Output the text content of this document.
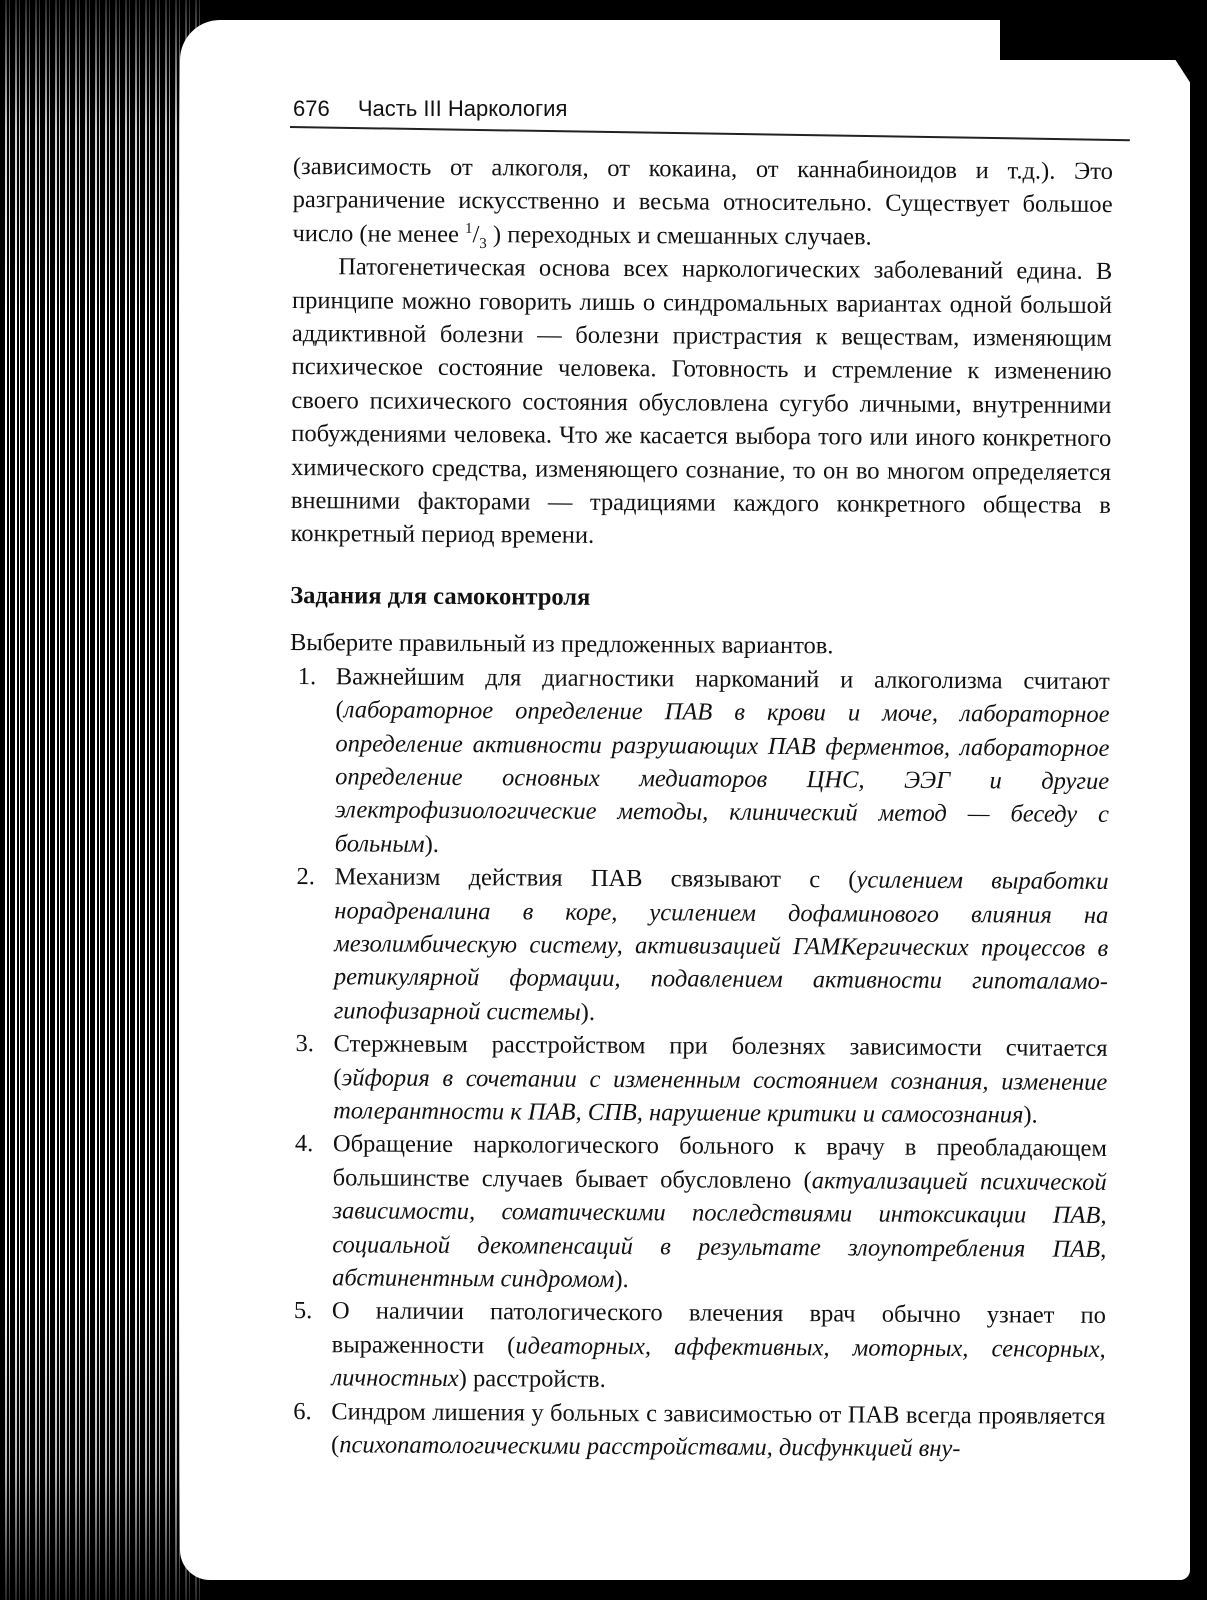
676 Часть III Наркология

(зависимость от алкоголя, от кокаина, от каннабиноидов и т.д.). Это разграничение искусственно и весьма относительно. Существует большое число (не менее $^1/_3$ ) переходных и смешанных случаев.

Патогенетическая основа всех наркологических заболеваний едина. В принципе можно говорить лишь о синдромальных вариантах одной большой аддиктивной болезни — болезни пристрастия к веществам, изменяющим психическое состояние человека. Готовность и стремление к изменению своего психического состояния обусловлена сугубо личными, внутренними побуждениями человека. Что же касается выбора того или иного конкретного химического средства, изменяющего сознание, то он во многом определяется внешними факторами — традициями каждого конкретного общества в конкретный период времени.

Задания для самоконтроля

Выберите правильный из предложенных вариантов.

1. Важнейшим для диагностики наркоманий и алкоголизма считают (лабораторное определение ПАВ в крови и моче, лабораторное определение активности разрушающих ПАВ ферментов, лабораторное определение основных медиаторов ЦНС, ЭЭГ и другие электрофизиологические методы, клинический метод — беседу с больным).
2. Механизм действия ПАВ связывают с (усилением выработки норадреналина в коре, усилением дофаминового влияния на мезолимбическую систему, активизацией ГАМКергических процессов в ретикулярной формации, подавлением активности гипоталамо-гипофизарной системы).
3. Стержневым расстройством при болезнях зависимости считается (эйфория в сочетании с измененным состоянием сознания, изменение толерантности к ПАВ, СПВ, нарушение критики и самосознания).
4. Обращение наркологического больного к врачу в преобладающем большинстве случаев бывает обусловлено (актуализацией психической зависимости, соматическими последствиями интоксикации ПАВ, социальной декомпенсаций в результате злоупотребления ПАВ, абстинентным синдромом).
5. О наличии патологического влечения врач обычно узнает по выраженности (идеаторных, аффективных, моторных, сенсорных, личностных) расстройств.
6. Синдром лишения у больных с зависимостью от ПАВ всегда проявляется (психопатологическими расстройствами, дисфункцией вну-
